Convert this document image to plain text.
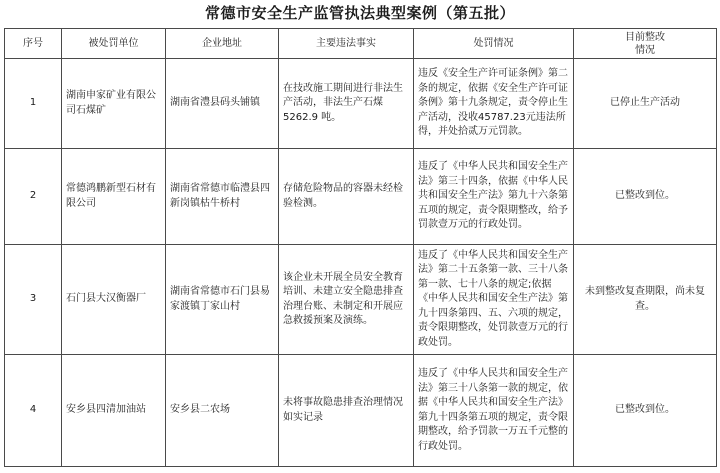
常德市安全生产监管执法典型案例（第五批）
序号	被处罚单位	企业地址	主要违法事实	处罚情况	目前整改
情况
1	湖南申家矿业有限公司石煤矿	湖南省澧县码头铺镇	在技改施工期间进行非法生产活动，非法生产石煤5262.9 吨。	违反《安全生产许可证条例》第二条的规定，依据《安全生产许可证条例》第十九条规定，责令停止生产活动，没收45787.23元违法所得，并处拾贰万元罚款。	已停止生产活动
2	常德鸿鹏新型石材有限公司	湖南省常德市临澧县四新岗镇枯牛桥村	存储危险物品的容器未经检验检测。	违反了《中华人民共和国安全生产法》第三十四条，依据《中华人民共和国安全生产法》第九十六条第五项的规定，责令限期整改，给予罚款壹万元的行政处罚。	已整改到位。
3	石门县大汉衡器厂	湖南省常德市石门县易家渡镇丁家山村	该企业未开展全员安全教育培训、未建立安全隐患排查治理台账、未制定和开展应急救援预案及演练。	违反了《中华人民共和国安全生产法》第二十五条第一款、三十八条第一款、七十八条的规定;依据《中华人民共和国安全生产法》第九十四条第四、五、六项的规定，责令限期整改，处罚款壹万元的行政处罚。	未到整改复查期限，尚未复查。
4	安乡县四清加油站	安乡县二农场	未将事故隐患排查治理情况如实记录	违反了《中华人民共和国安全生产法》第三十八条第一款的规定，依据《中华人民共和国安全生产法》第九十四条第五项的规定，责令限期整改，给予罚款一万五千元整的行政处罚。	已整改到位。
